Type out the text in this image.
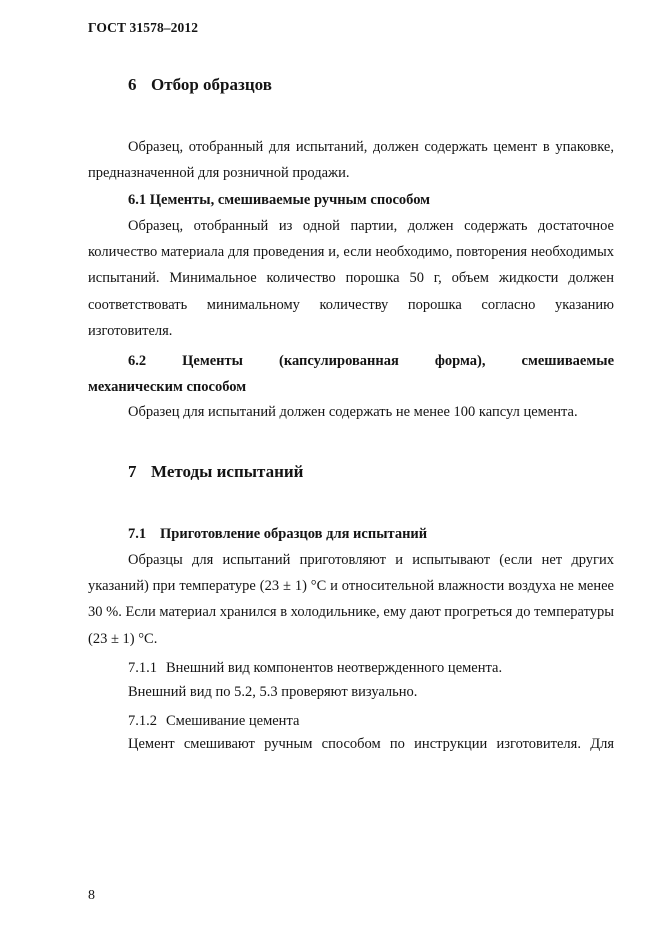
ГОСТ 31578–2012
6 Отбор образцов

Образец, отобранный для испытаний, должен содержать цемент в упаковке, предназначенной для розничной продажи.

6.1 Цементы, смешиваемые ручным способом

Образец, отобранный из одной партии, должен содержать достаточное количество материала для проведения и, если необходимо, повторения необходимых испытаний. Минимальное количество порошка 50 г, объем жидкости должен соответствовать минимальному количеству порошка согласно указанию изготовителя.

6.2 Цементы (капсулированная форма), смешиваемые

механическим способом

Образец для испытаний должен содержать не менее 100 капсул цемента.
7 Методы испытаний
7.1 Приготовление образцов для испытаний

Образцы для испытаний приготовляют и испытывают (если нет других указаний) при температуре (23 ± 1) °С и относительной влажности воздуха не менее 30 %. Если материал хранился в холодильнике, ему дают прогреться до температуры (23 ± 1) °С.

7.1.1 Внешний вид компонентов неотвержденного цемента.
Внешний вид по 5.2, 5.3 проверяют визуально.
7.1.2 Смешивание цемента
Цемент смешивают ручным способом по инструкции изготовителя. Для
8
